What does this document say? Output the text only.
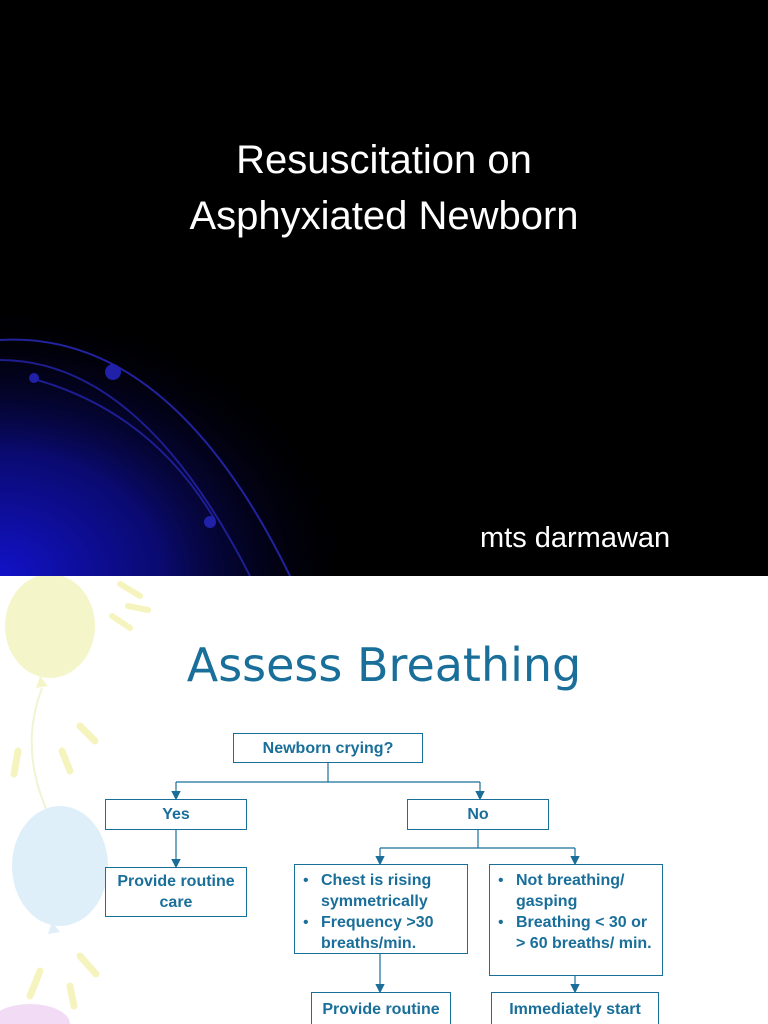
Resuscitation on
Asphyxiated Newborn
mts darmawan
Assess Breathing
Newborn crying?
Yes	No
Provide routine care
• Chest is rising symmetrically
• Frequency >30 breaths/min.
• Not breathing/ gasping
• Breathing < 30 or > 60 breaths/ min.
Provide routine	Immediately start
